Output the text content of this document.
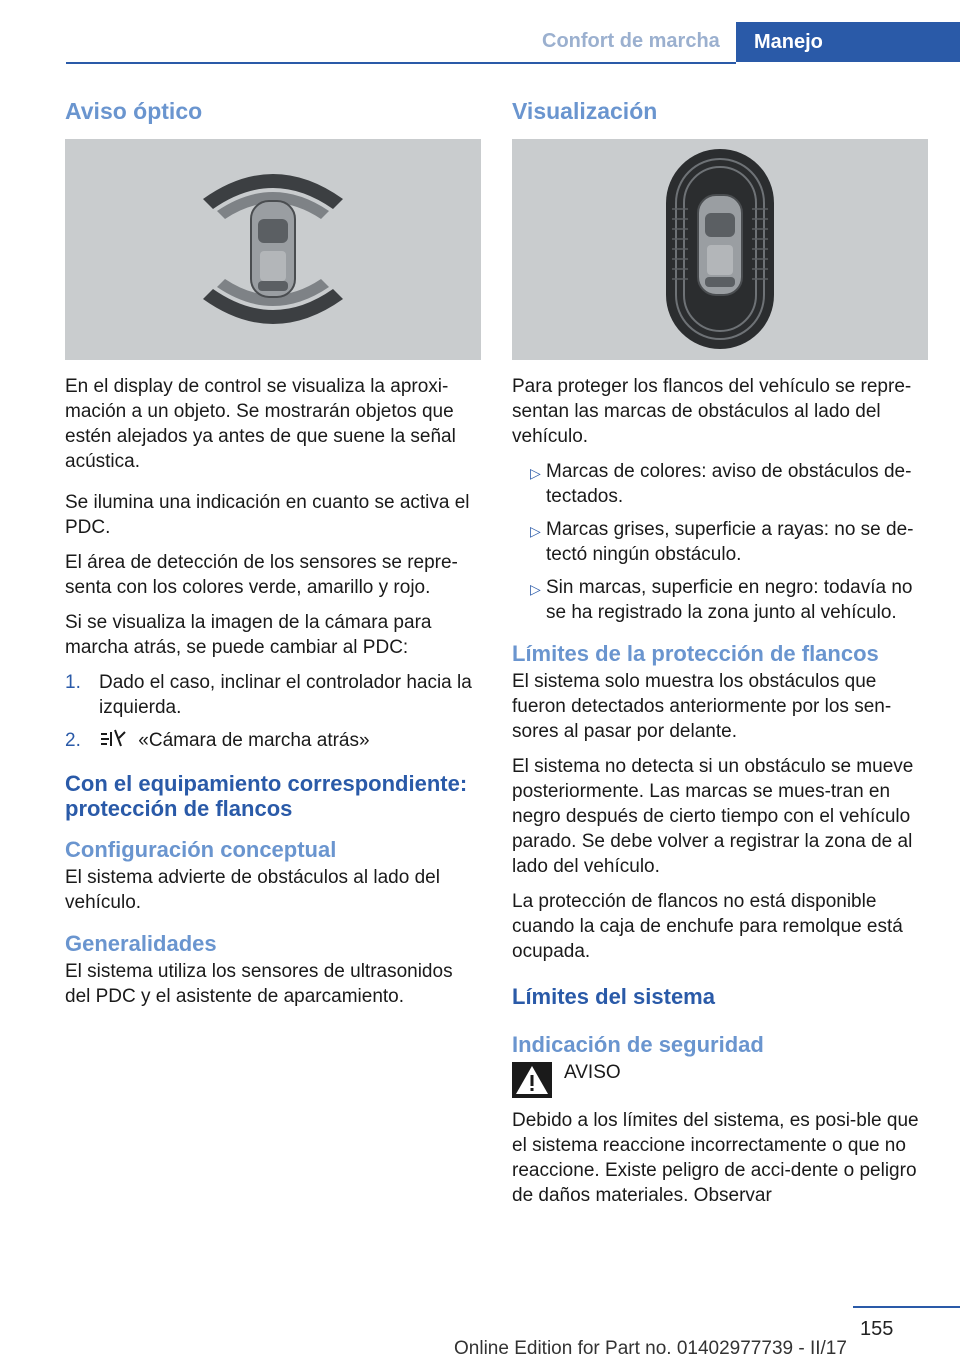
Confort de marcha	Manejo
Aviso óptico

En el display de control se visualiza la aproxi‐mación a un objeto. Se mostrarán objetos que estén alejados ya antes de que suene la señal acústica.

Se ilumina una indicación en cuanto se activa el PDC.

El área de detección de los sensores se repre‐senta con los colores verde, amarillo y rojo.

Si se visualiza la imagen de la cámara para marcha atrás, se puede cambiar al PDC:

1. Dado el caso, inclinar el controlador hacia la izquierda.
2.	«Cámara de marcha atrás»
Con el equipamiento correspondiente: protección de flancos
Configuración conceptual

El sistema advierte de obstáculos al lado del vehículo.

Generalidades

El sistema utiliza los sensores de ultrasonidos del PDC y el asistente de aparcamiento.

Visualización

Para proteger los flancos del vehículo se repre‐sentan las marcas de obstáculos al lado del vehículo.

▷ Marcas de colores: aviso de obstáculos de‐tectados.
▷ Marcas grises, superficie a rayas: no se de‐tectó ningún obstáculo.
▷ Sin marcas, superficie en negro: todavía no se ha registrado la zona junto al vehículo.
Límites de la protección de flancos

El sistema solo muestra los obstáculos que fueron detectados anteriormente por los sen‐sores al pasar por delante.

El sistema no detecta si un obstáculo se mueve posteriormente. Las marcas se mues‐tran en negro después de cierto tiempo con el vehículo parado. Se debe volver a registrar la zona de al lado del vehículo.

La protección de flancos no está disponible cuando la caja de enchufe para remolque está ocupada.

Límites del sistema
Indicación de seguridad

AVISO

Debido a los límites del sistema, es posi‐ble que el sistema reaccione incorrectamente o que no reaccione. Existe peligro de acci‐dente o peligro de daños materiales. Observar

155
Online Edition for Part no. 01402977739 - II/17
